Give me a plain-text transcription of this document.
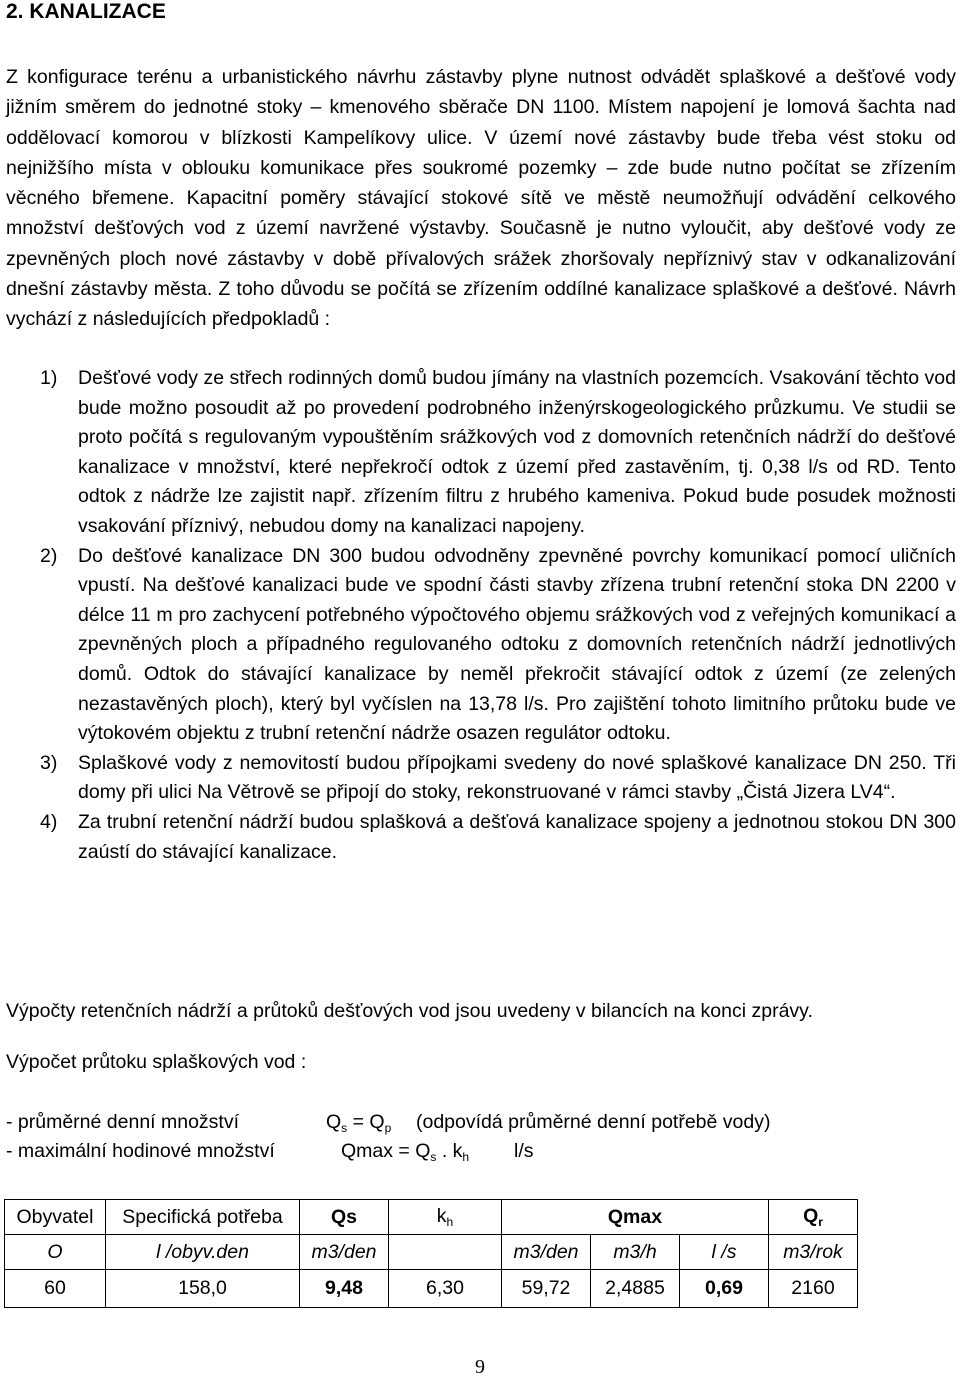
2. KANALIZACE

Z konfigurace terénu a urbanistického návrhu zástavby plyne nutnost odvádět splaškové a dešťové vody jižním směrem do jednotné stoky – kmenového sběrače DN 1100. Místem napojení je lomová šachta nad oddělovací komorou v blízkosti Kampelíkovy ulice. V území nové zástavby bude třeba vést stoku od nejnižšího místa v oblouku komunikace přes soukromé pozemky – zde bude nutno počítat se zřízením věcného břemene. Kapacitní poměry stávající stokové sítě ve městě neumožňují odvádění celkového množství dešťových vod z území navržené výstavby. Současně je nutno vyloučit, aby dešťové vody ze zpevněných ploch nové zástavby v době přívalových srážek zhoršovaly nepříznivý stav v odkanalizování dnešní zástavby města. Z toho důvodu se počítá se zřízením oddílné kanalizace splaškové a dešťové. Návrh vychází z následujících předpokladů :

1) Dešťové vody ze střech rodinných domů budou jímány na vlastních pozemcích. Vsakování těchto vod bude možno posoudit až po provedení podrobného inženýrskogeologického průzkumu. Ve studii se proto počítá s regulovaným vypouštěním srážkových vod z domovních retenčních nádrží do dešťové kanalizace v množství, které nepřekročí odtok z území před zastavěním, tj. 0,38 l/s od RD. Tento odtok z nádrže lze zajistit např. zřízením filtru z hrubého kameniva. Pokud bude posudek možnosti vsakování příznivý, nebudou domy na kanalizaci napojeny.
2) Do dešťové kanalizace DN 300 budou odvodněny zpevněné povrchy komunikací pomocí uličních vpustí. Na dešťové kanalizaci bude ve spodní části stavby zřízena trubní retenční stoka DN 2200 v délce 11 m pro zachycení potřebného výpočtového objemu srážkových vod z veřejných komunikací a zpevněných ploch a případného regulovaného odtoku z domovních retenčních nádrží jednotlivých domů. Odtok do stávající kanalizace by neměl překročit stávající odtok z území (ze zelených nezastavěných ploch), který byl vyčíslen na 13,78 l/s. Pro zajištění tohoto limitního průtoku bude ve výtokovém objektu z trubní retenční nádrže osazen regulátor odtoku.
3) Splaškové vody z nemovitostí budou přípojkami svedeny do nové splaškové kanalizace DN 250. Tři domy při ulici Na Větrově se připojí do stoky, rekonstruované v rámci stavby „Čistá Jizera LV4“.
4) Za trubní retenční nádrží budou splašková a dešťová kanalizace spojeny a jednotnou stokou DN 300 zaústí do stávající kanalizace.

Výpočty retenčních nádrží a průtoků dešťových vod jsou uvedeny v bilancích na konci zprávy.

Výpočet průtoku splaškových vod :

- průměrné denní množství	$Q_s = Q_p$ (odpovídá průměrné denní potřebě vody)
- maximální hodinové množství	$Qmax = Q_s$ . $k_h$ l/s
Obyvatel	Specifická potřeba	Qs	$k_h$	Qmax			$Q_r$
O	l /obyv.den	m3/den		m3/den	m3/h	l /s	m3/rok
60	158,0	9,48	6,30	59,72	2,4885	0,69	2160
9
